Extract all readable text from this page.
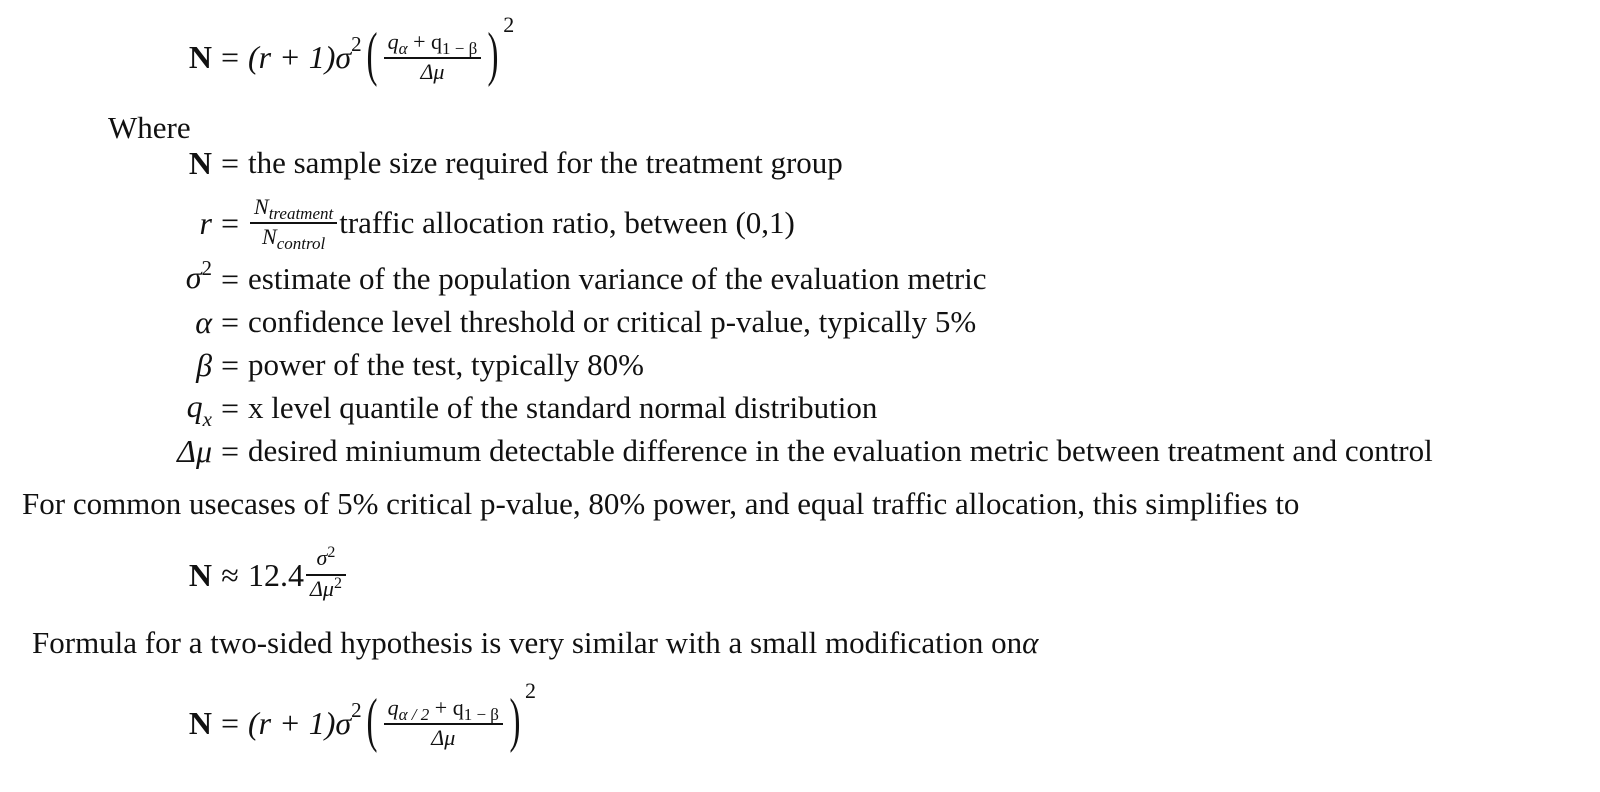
N = (r + 1)σ 2 ( $\frac{q_\alpha + q_{1 - \beta}}{\Delta\mu}$ ) 2
Where
N = the sample size required for the treatment group
$r = \frac{N_{treatment}}{N_{control}}$ traffic allocation ratio, between (0,1)
$\sigma^2$ = estimate of the population variance of the evaluation metric
α = confidence level threshold or critical p-value, typically 5%
β = power of the test, typically 80%
$q_x = x$ level quantile of the standard normal distribution
Δμ = desired miniumum detectable difference in the evaluation metric between treatment and control
For common usecases of 5% critical p-value, 80% power, and equal traffic allocation, this simplifies to
$N \approx 12.4 \frac{\sigma^2}{\Delta\mu^2}$
Formula for a two-sided hypothesis is very similar with a small modification onα
N = (r + 1)σ 2 ( $\frac{q_{\alpha / 2} + q_{1 - \beta}}{\Delta\mu}$ ) 2
